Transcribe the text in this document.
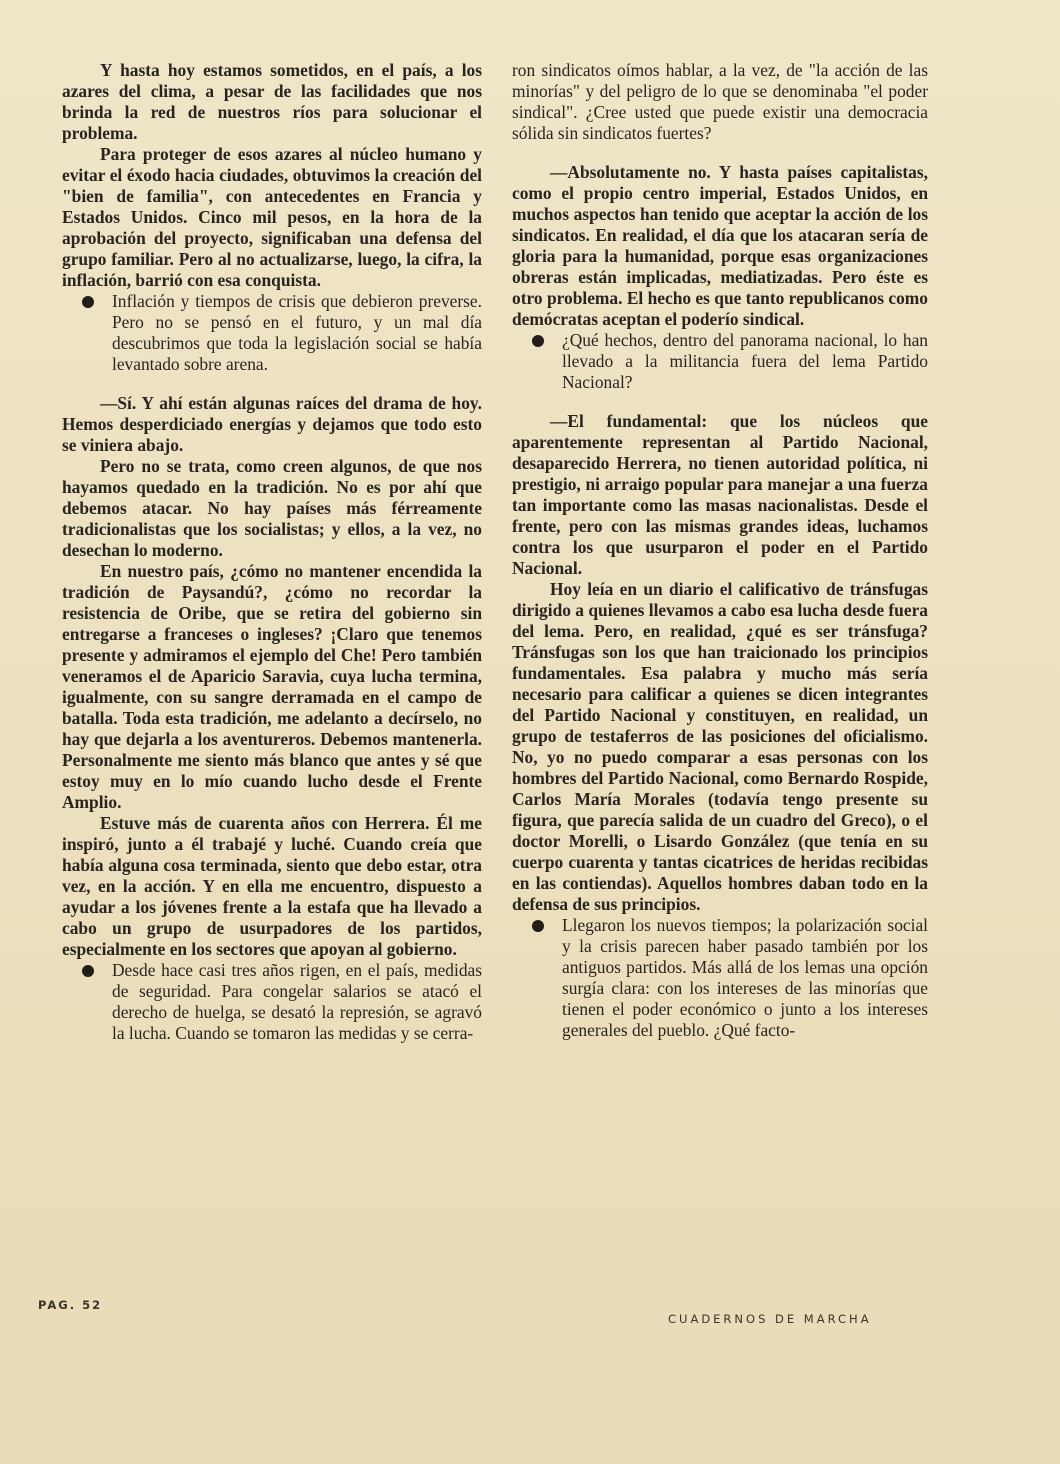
Y hasta hoy estamos sometidos, en el país, a los azares del clima, a pesar de las facilidades que nos brinda la red de nuestros ríos para solucionar el problema.

Para proteger de esos azares al núcleo humano y evitar el éxodo hacia ciudades, obtuvimos la creación del "bien de familia", con antecedentes en Francia y Estados Unidos. Cinco mil pesos, en la hora de la aprobación del proyecto, significaban una defensa del grupo familiar. Pero al no actualizarse, luego, la cifra, la inflación, barrió con esa conquista.

Inflación y tiempos de crisis que debieron preverse. Pero no se pensó en el futuro, y un mal día descubrimos que toda la legislación social se había levantado sobre arena.

—Sí. Y ahí están algunas raíces del drama de hoy. Hemos desperdiciado energías y dejamos que todo esto se viniera abajo.

Pero no se trata, como creen algunos, de que nos hayamos quedado en la tradición. No es por ahí que debemos atacar. No hay países más férreamente tradicionalistas que los socialistas; y ellos, a la vez, no desechan lo moderno.

En nuestro país, ¿cómo no mantener encendida la tradición de Paysandú?, ¿cómo no recordar la resistencia de Oribe, que se retira del gobierno sin entregarse a franceses o ingleses? ¡Claro que tenemos presente y admiramos el ejemplo del Che! Pero también veneramos el de Aparicio Saravia, cuya lucha termina, igualmente, con su sangre derramada en el campo de batalla. Toda esta tradición, me adelanto a decírselo, no hay que dejarla a los aventureros. Debemos mantenerla. Personalmente me siento más blanco que antes y sé que estoy muy en lo mío cuando lucho desde el Frente Amplio.

Estuve más de cuarenta años con Herrera. Él me inspiró, junto a él trabajé y luché. Cuando creía que había alguna cosa terminada, siento que debo estar, otra vez, en la acción. Y en ella me encuentro, dispuesto a ayudar a los jóvenes frente a la estafa que ha llevado a cabo un grupo de usurpadores de los partidos, especialmente en los sectores que apoyan al gobierno.

Desde hace casi tres años rigen, en el país, medidas de seguridad. Para congelar salarios se atacó el derecho de huelga, se desató la represión, se agravó la lucha. Cuando se tomaron las medidas y se cerra-

ron sindicatos oímos hablar, a la vez, de "la acción de las minorías" y del peligro de lo que se denominaba "el poder sindical". ¿Cree usted que puede existir una democracia sólida sin sindicatos fuertes?

—Absolutamente no. Y hasta países capitalistas, como el propio centro imperial, Estados Unidos, en muchos aspectos han tenido que aceptar la acción de los sindicatos. En realidad, el día que los atacaran sería de gloria para la humanidad, porque esas organizaciones obreras están implicadas, mediatizadas. Pero éste es otro problema. El hecho es que tanto republicanos como demócratas aceptan el poderío sindical.

¿Qué hechos, dentro del panorama nacional, lo han llevado a la militancia fuera del lema Partido Nacional?

—El fundamental: que los núcleos que aparentemente representan al Partido Nacional, desaparecido Herrera, no tienen autoridad política, ni prestigio, ni arraigo popular para manejar a una fuerza tan importante como las masas nacionalistas. Desde el frente, pero con las mismas grandes ideas, luchamos contra los que usurparon el poder en el Partido Nacional.

Hoy leía en un diario el calificativo de tránsfugas dirigido a quienes llevamos a cabo esa lucha desde fuera del lema. Pero, en realidad, ¿qué es ser tránsfuga? Tránsfugas son los que han traicionado los principios fundamentales. Esa palabra y mucho más sería necesario para calificar a quienes se dicen integrantes del Partido Nacional y constituyen, en realidad, un grupo de testaferros de las posiciones del oficialismo. No, yo no puedo comparar a esas personas con los hombres del Partido Nacional, como Bernardo Rospide, Carlos María Morales (todavía tengo presente su figura, que parecía salida de un cuadro del Greco), o el doctor Morelli, o Lisardo González (que tenía en su cuerpo cuarenta y tantas cicatrices de heridas recibidas en las contiendas). Aquellos hombres daban todo en la defensa de sus principios.

Llegaron los nuevos tiempos; la polarización social y la crisis parecen haber pasado también por los antiguos partidos. Más allá de los lemas una opción surgía clara: con los intereses de las minorías que tienen el poder económico o junto a los intereses generales del pueblo. ¿Qué facto-
PAG. 52
CUADERNOS DE MARCHA
